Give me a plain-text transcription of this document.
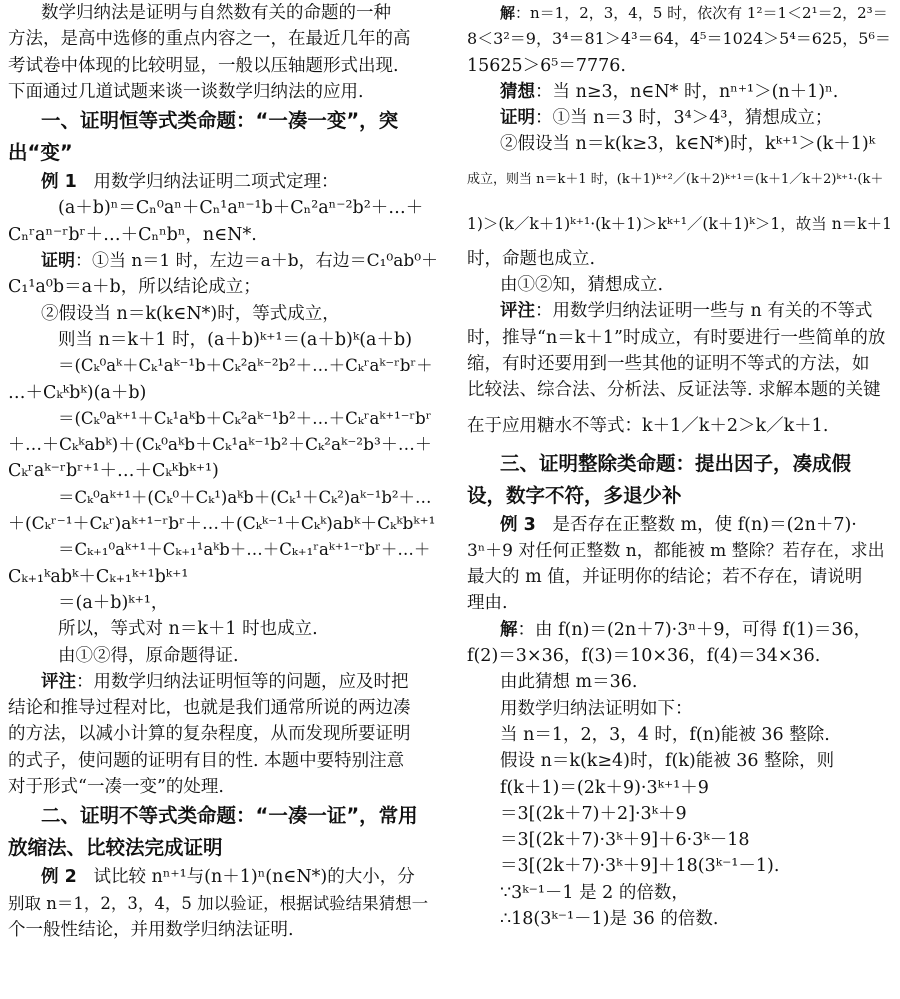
数学归纳法是证明与自然数有关的命题的一种

方法，是高中选修的重点内容之一，在最近几年的高

考试卷中体现的比较明显，一般以压轴题形式出现.

下面通过几道试题来谈一谈数学归纳法的应用.

一、证明恒等式类命题：“一凑一变”，突

出“变”

例 1 用数学归纳法证明二项式定理：

(a＋b)ⁿ＝Cₙ⁰aⁿ＋Cₙ¹aⁿ⁻¹b＋Cₙ²aⁿ⁻²b²＋…＋

Cₙʳaⁿ⁻ʳbʳ＋…＋Cₙⁿbⁿ，n∈N*.

证明：①当 n＝1 时，左边＝a＋b，右边＝C₁⁰ab⁰＋

C₁¹a⁰b＝a＋b，所以结论成立；

②假设当 n＝k(k∈N*)时，等式成立，

则当 n＝k＋1 时，(a＋b)ᵏ⁺¹＝(a＋b)ᵏ(a＋b)

＝(Cₖ⁰aᵏ＋Cₖ¹aᵏ⁻¹b＋Cₖ²aᵏ⁻²b²＋…＋Cₖʳaᵏ⁻ʳbʳ＋

…＋Cₖᵏbᵏ)(a＋b)

＝(Cₖ⁰aᵏ⁺¹＋Cₖ¹aᵏb＋Cₖ²aᵏ⁻¹b²＋…＋Cₖʳaᵏ⁺¹⁻ʳbʳ

＋…＋Cₖᵏabᵏ)＋(Cₖ⁰aᵏb＋Cₖ¹aᵏ⁻¹b²＋Cₖ²aᵏ⁻²b³＋…＋

Cₖʳaᵏ⁻ʳbʳ⁺¹＋…＋Cₖᵏbᵏ⁺¹)

＝Cₖ⁰aᵏ⁺¹＋(Cₖ⁰＋Cₖ¹)aᵏb＋(Cₖ¹＋Cₖ²)aᵏ⁻¹b²＋…

＋(Cₖʳ⁻¹＋Cₖʳ)aᵏ⁺¹⁻ʳbʳ＋…＋(Cₖᵏ⁻¹＋Cₖᵏ)abᵏ＋Cₖᵏbᵏ⁺¹

＝Cₖ₊₁⁰aᵏ⁺¹＋Cₖ₊₁¹aᵏb＋…＋Cₖ₊₁ʳaᵏ⁺¹⁻ʳbʳ＋…＋

Cₖ₊₁ᵏabᵏ＋Cₖ₊₁ᵏ⁺¹bᵏ⁺¹

＝(a＋b)ᵏ⁺¹，

所以，等式对 n＝k＋1 时也成立.

由①②得，原命题得证.

评注：用数学归纳法证明恒等的问题，应及时把

结论和推导过程对比，也就是我们通常所说的两边凑

的方法，以减小计算的复杂程度，从而发现所要证明

的式子，使问题的证明有目的性. 本题中要特别注意

对于形式“一凑一变”的处理.

二、证明不等式类命题：“一凑一证”，常用

放缩法、比较法完成证明

例 2 试比较 nⁿ⁺¹与(n＋1)ⁿ(n∈N*)的大小，分

别取 n＝1，2，3，4，5 加以验证，根据试验结果猜想一

个一般性结论，并用数学归纳法证明.

解：n＝1，2，3，4，5 时，依次有 1²＝1＜2¹＝2，2³＝

8＜3²＝9，3⁴＝81＞4³＝64，4⁵＝1024＞5⁴＝625，5⁶＝

15625＞6⁵＝7776.

猜想：当 n≥3，n∈N* 时，nⁿ⁺¹＞(n＋1)ⁿ.

证明：①当 n＝3 时，3⁴＞4³，猜想成立；

②假设当 n＝k(k≥3，k∈N*)时，kᵏ⁺¹＞(k＋1)ᵏ

成立，则当 n＝k＋1 时，(k＋1)ᵏ⁺²／(k＋2)ᵏ⁺¹＝(k＋1／k＋2)ᵏ⁺¹·(k＋

1)＞(k／k＋1)ᵏ⁺¹·(k＋1)＞kᵏ⁺¹／(k＋1)ᵏ＞1，故当 n＝k＋1

时，命题也成立.

由①②知，猜想成立.

评注：用数学归纳法证明一些与 n 有关的不等式

时，推导“n＝k＋1”时成立，有时要进行一些简单的放

缩，有时还要用到一些其他的证明不等式的方法，如

比较法、综合法、分析法、反证法等. 求解本题的关键

在于应用糖水不等式：k＋1／k＋2＞k／k＋1.

三、证明整除类命题：提出因子，凑成假

设，数字不符，多退少补

例 3 是否存在正整数 m，使 f(n)＝(2n＋7)·

3ⁿ＋9 对任何正整数 n，都能被 m 整除？若存在，求出

最大的 m 值，并证明你的结论；若不存在，请说明

理由.

解：由 f(n)＝(2n＋7)·3ⁿ＋9，可得 f(1)＝36，

f(2)＝3×36，f(3)＝10×36，f(4)＝34×36.

由此猜想 m＝36.

用数学归纳法证明如下：

当 n＝1，2，3，4 时，f(n)能被 36 整除.

假设 n＝k(k≥4)时，f(k)能被 36 整除，则

f(k＋1)＝(2k＋9)·3ᵏ⁺¹＋9

＝3[(2k＋7)＋2]·3ᵏ＋9

＝3[(2k＋7)·3ᵏ＋9]＋6·3ᵏ－18

＝3[(2k＋7)·3ᵏ＋9]＋18(3ᵏ⁻¹－1).

∵3ᵏ⁻¹－1 是 2 的倍数，

∴18(3ᵏ⁻¹－1)是 36 的倍数.
